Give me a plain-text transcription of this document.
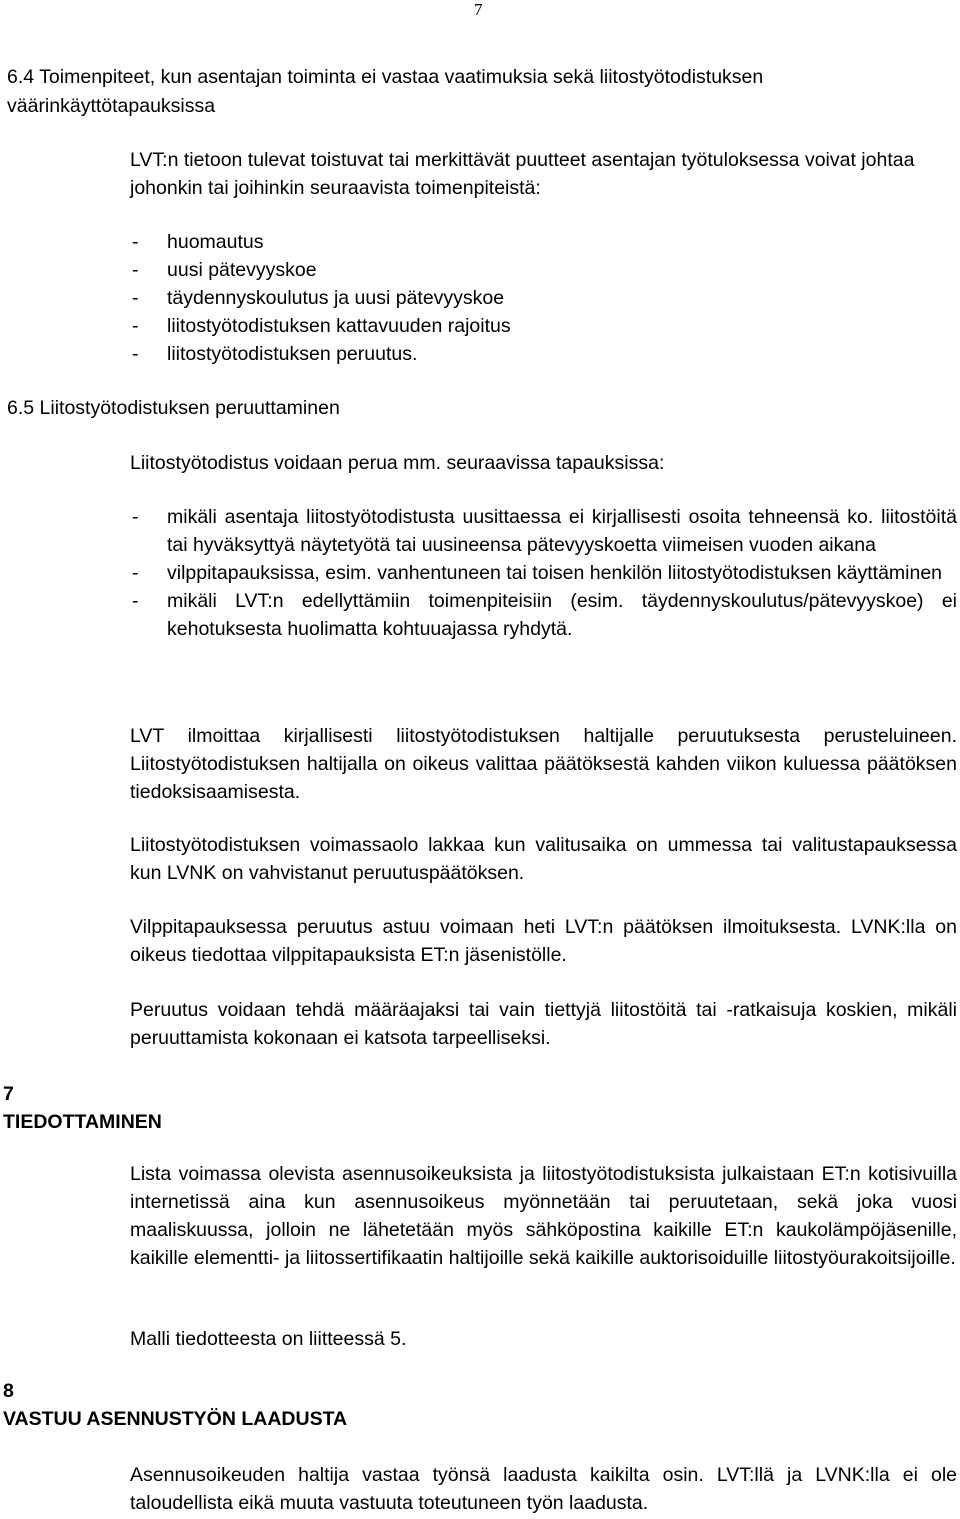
7
6.4 Toimenpiteet, kun asentajan toiminta ei vastaa vaatimuksia sekä liitostyötodistuksen väärinkäyttötapauksissa

LVT:n tietoon tulevat toistuvat tai merkittävät puutteet asentajan työtuloksessa voivat johtaa johonkin tai joihinkin seuraavista toimenpiteistä:

- huomautus
- uusi pätevyyskoe
- täydennyskoulutus ja uusi pätevyyskoe
- liitostyötodistuksen kattavuuden rajoitus
- liitostyötodistuksen peruutus.
6.5 Liitostyötodistuksen peruuttaminen

Liitostyötodistus voidaan perua mm. seuraavissa tapauksissa:

- mikäli asentaja liitostyötodistusta uusittaessa ei kirjallisesti osoita tehneensä ko. liitostöitä tai hyväksyttyä näytetyötä tai uusineensa pätevyyskoetta viimeisen vuoden aikana
- vilppitapauksissa, esim. vanhentuneen tai toisen henkilön liitostyötodistuksen käyttäminen
- mikäli LVT:n edellyttämiin toimenpiteisiin (esim. täydennyskoulutus/pätevyyskoe) ei kehotuksesta huolimatta kohtuuajassa ryhdytä.

LVT ilmoittaa kirjallisesti liitostyötodistuksen haltijalle peruutuksesta perusteluineen. Liitostyötodistuksen haltijalla on oikeus valittaa päätöksestä kahden viikon kuluessa päätöksen tiedoksisaamisesta.

Liitostyötodistuksen voimassaolo lakkaa kun valitusaika on ummessa tai valitustapauksessa kun LVNK on vahvistanut peruutuspäätöksen.

Vilppitapauksessa peruutus astuu voimaan heti LVT:n päätöksen ilmoituksesta. LVNK:lla on oikeus tiedottaa vilppitapauksista ET:n jäsenistölle.

Peruutus voidaan tehdä määräajaksi tai vain tiettyjä liitostöitä tai -ratkaisuja koskien, mikäli peruuttamista kokonaan ei katsota tarpeelliseksi.

7
TIEDOTTAMINEN

Lista voimassa olevista asennusoikeuksista ja liitostyötodistuksista julkaistaan ET:n kotisivuilla internetissä aina kun asennusoikeus myönnetään tai peruutetaan, sekä joka vuosi maaliskuussa, jolloin ne lähetetään myös sähköpostina kaikille ET:n kaukolämpöjäsenille, kaikille elementti- ja liitossertifikaatin haltijoille sekä kaikille auktorisoiduille liitostyöurakoitsijoille.

Malli tiedotteesta on liitteessä 5.

8
VASTUU ASENNUSTYÖN LAADUSTA

Asennusoikeuden haltija vastaa työnsä laadusta kaikilta osin. LVT:llä ja LVNK:lla ei ole taloudellista eikä muuta vastuuta toteutuneen työn laadusta.
